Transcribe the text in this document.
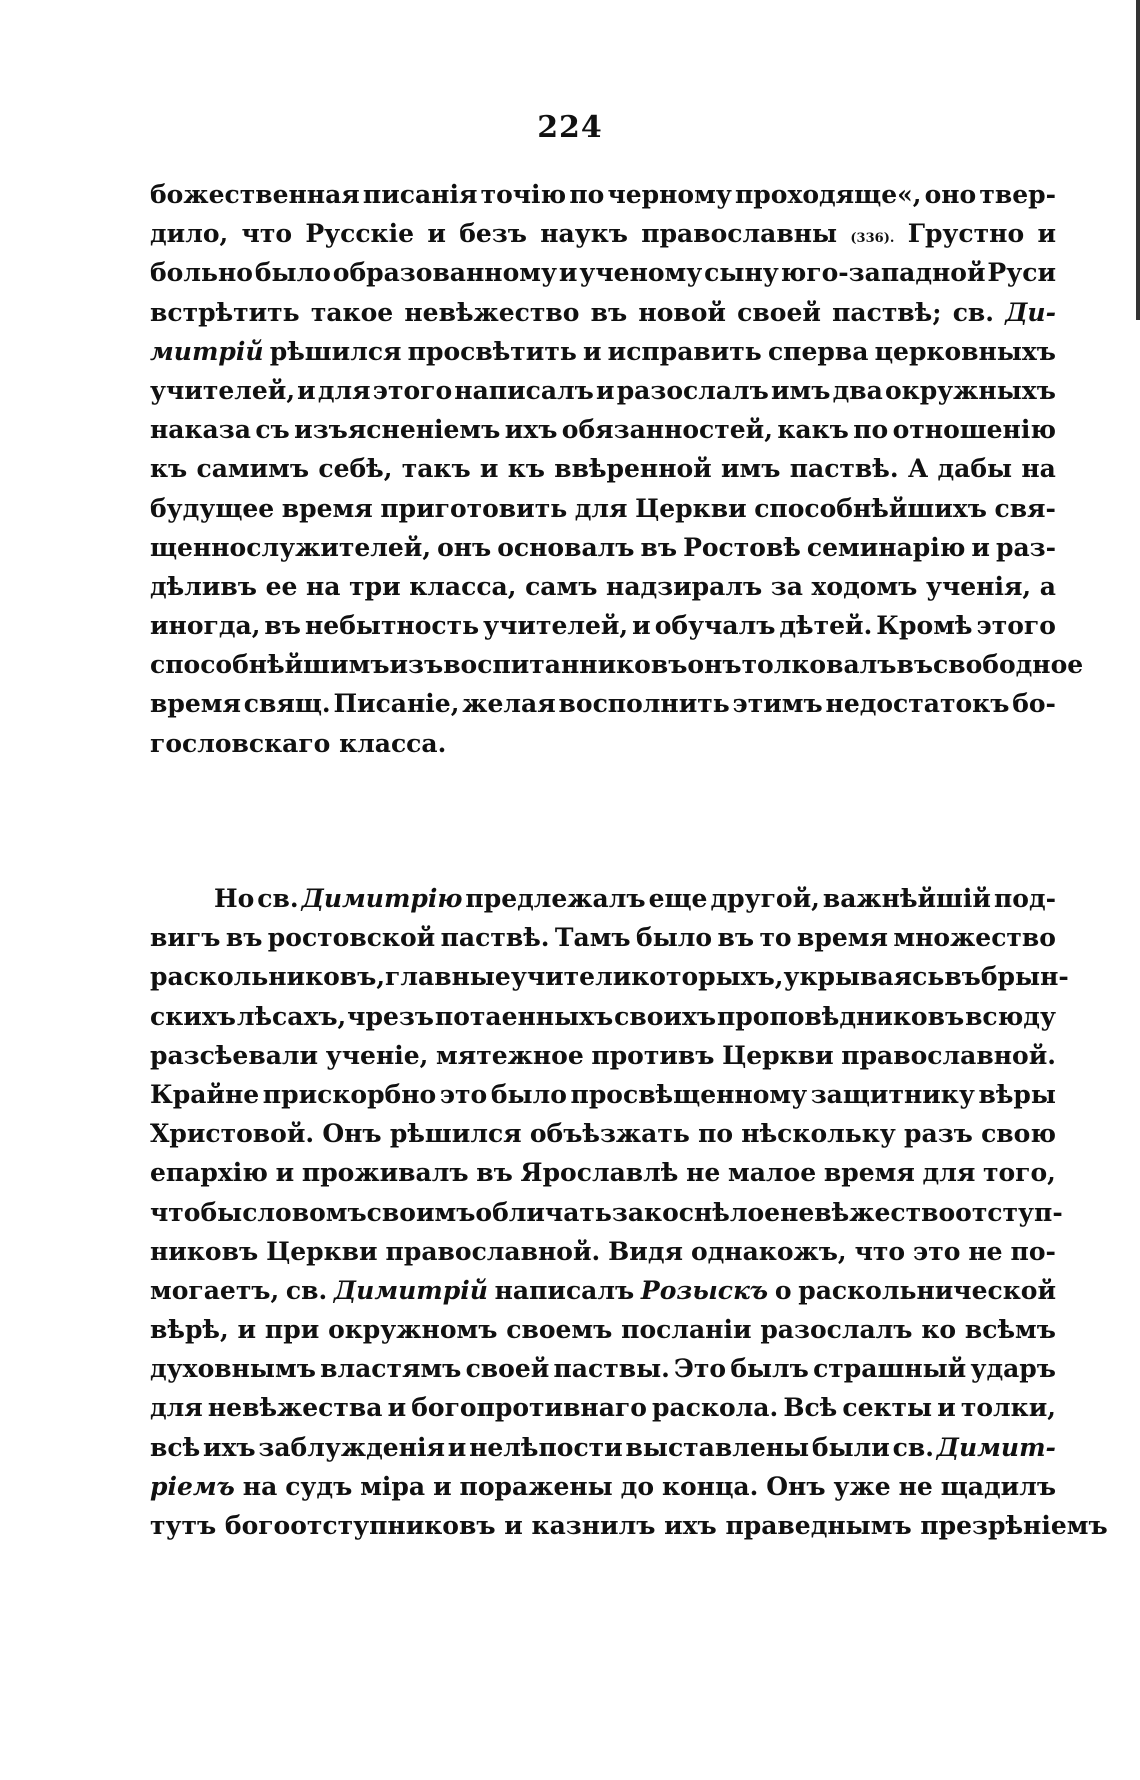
224
божественная писанія точію по черному проходяще«, оно твер-
дило, что Русскіе и безъ наукъ православны (336). Грустно и
больно было образованному и ученому сыну юго-западной Руси
встрѣтить такое невѣжество въ новой своей паствѣ; св. Ди-
митрій рѣшился просвѣтить и исправить сперва церковныхъ
учителей, и для этого написалъ и разослалъ имъ два окружныхъ
наказа съ изъясненіемъ ихъ обязанностей, какъ по отношенію
къ самимъ себѣ, такъ и къ ввѣренной имъ паствѣ. А дабы на
будущее время приготовить для Церкви способнѣйшихъ свя-
щеннослужителей, онъ основалъ въ Ростовѣ семинарію и раз-
дѣливъ ее на три класса, самъ надзиралъ за ходомъ ученія, а
иногда, въ небытность учителей, и обучалъ дѣтей. Кромѣ этого
способнѣйшимъ изъ воспитанниковъ онъ толковалъ въ свободное
время свящ. Писаніе, желая восполнить этимъ недостатокъ бо-
гословскаго
класса.
Но св. Димитрію предлежалъ еще другой, важнѣйшій под-
вигъ въ ростовской паствѣ. Тамъ было въ то время множество
раскольниковъ, главные учители которыхъ, укрываясь въ брын-
скихъ лѣсахъ, чрезъ потаенныхъ своихъ проповѣдниковъ всюду
разсѣевали ученіе, мятежное противъ Церкви православной.
Крайне прискорбно это было просвѣщенному защитнику вѣры
Христовой. Онъ рѣшился объѣзжать по нѣскольку разъ свою
епархію и проживалъ въ Ярославлѣ не малое время для того,
чтобы словомъ своимъ обличать закоснѣлое невѣжество отступ-
никовъ Церкви православной. Видя однакожъ, что это не по-
могаетъ, св. Димитрій написалъ Розыскъ о раскольнической
вѣрѣ, и при окружномъ своемъ посланіи разослалъ ко всѣмъ
духовнымъ властямъ своей паствы. Это былъ страшный ударъ
для невѣжества и богопротивнаго раскола. Всѣ секты и толки,
всѣ ихъ заблужденія и нелѣпости выставлены были св. Димит-
ріемъ на судъ міра и поражены до конца. Онъ уже не щадилъ
тутъ
богоотступниковъ
и
казнилъ
ихъ
праведнымъ
презрѣніемъ
